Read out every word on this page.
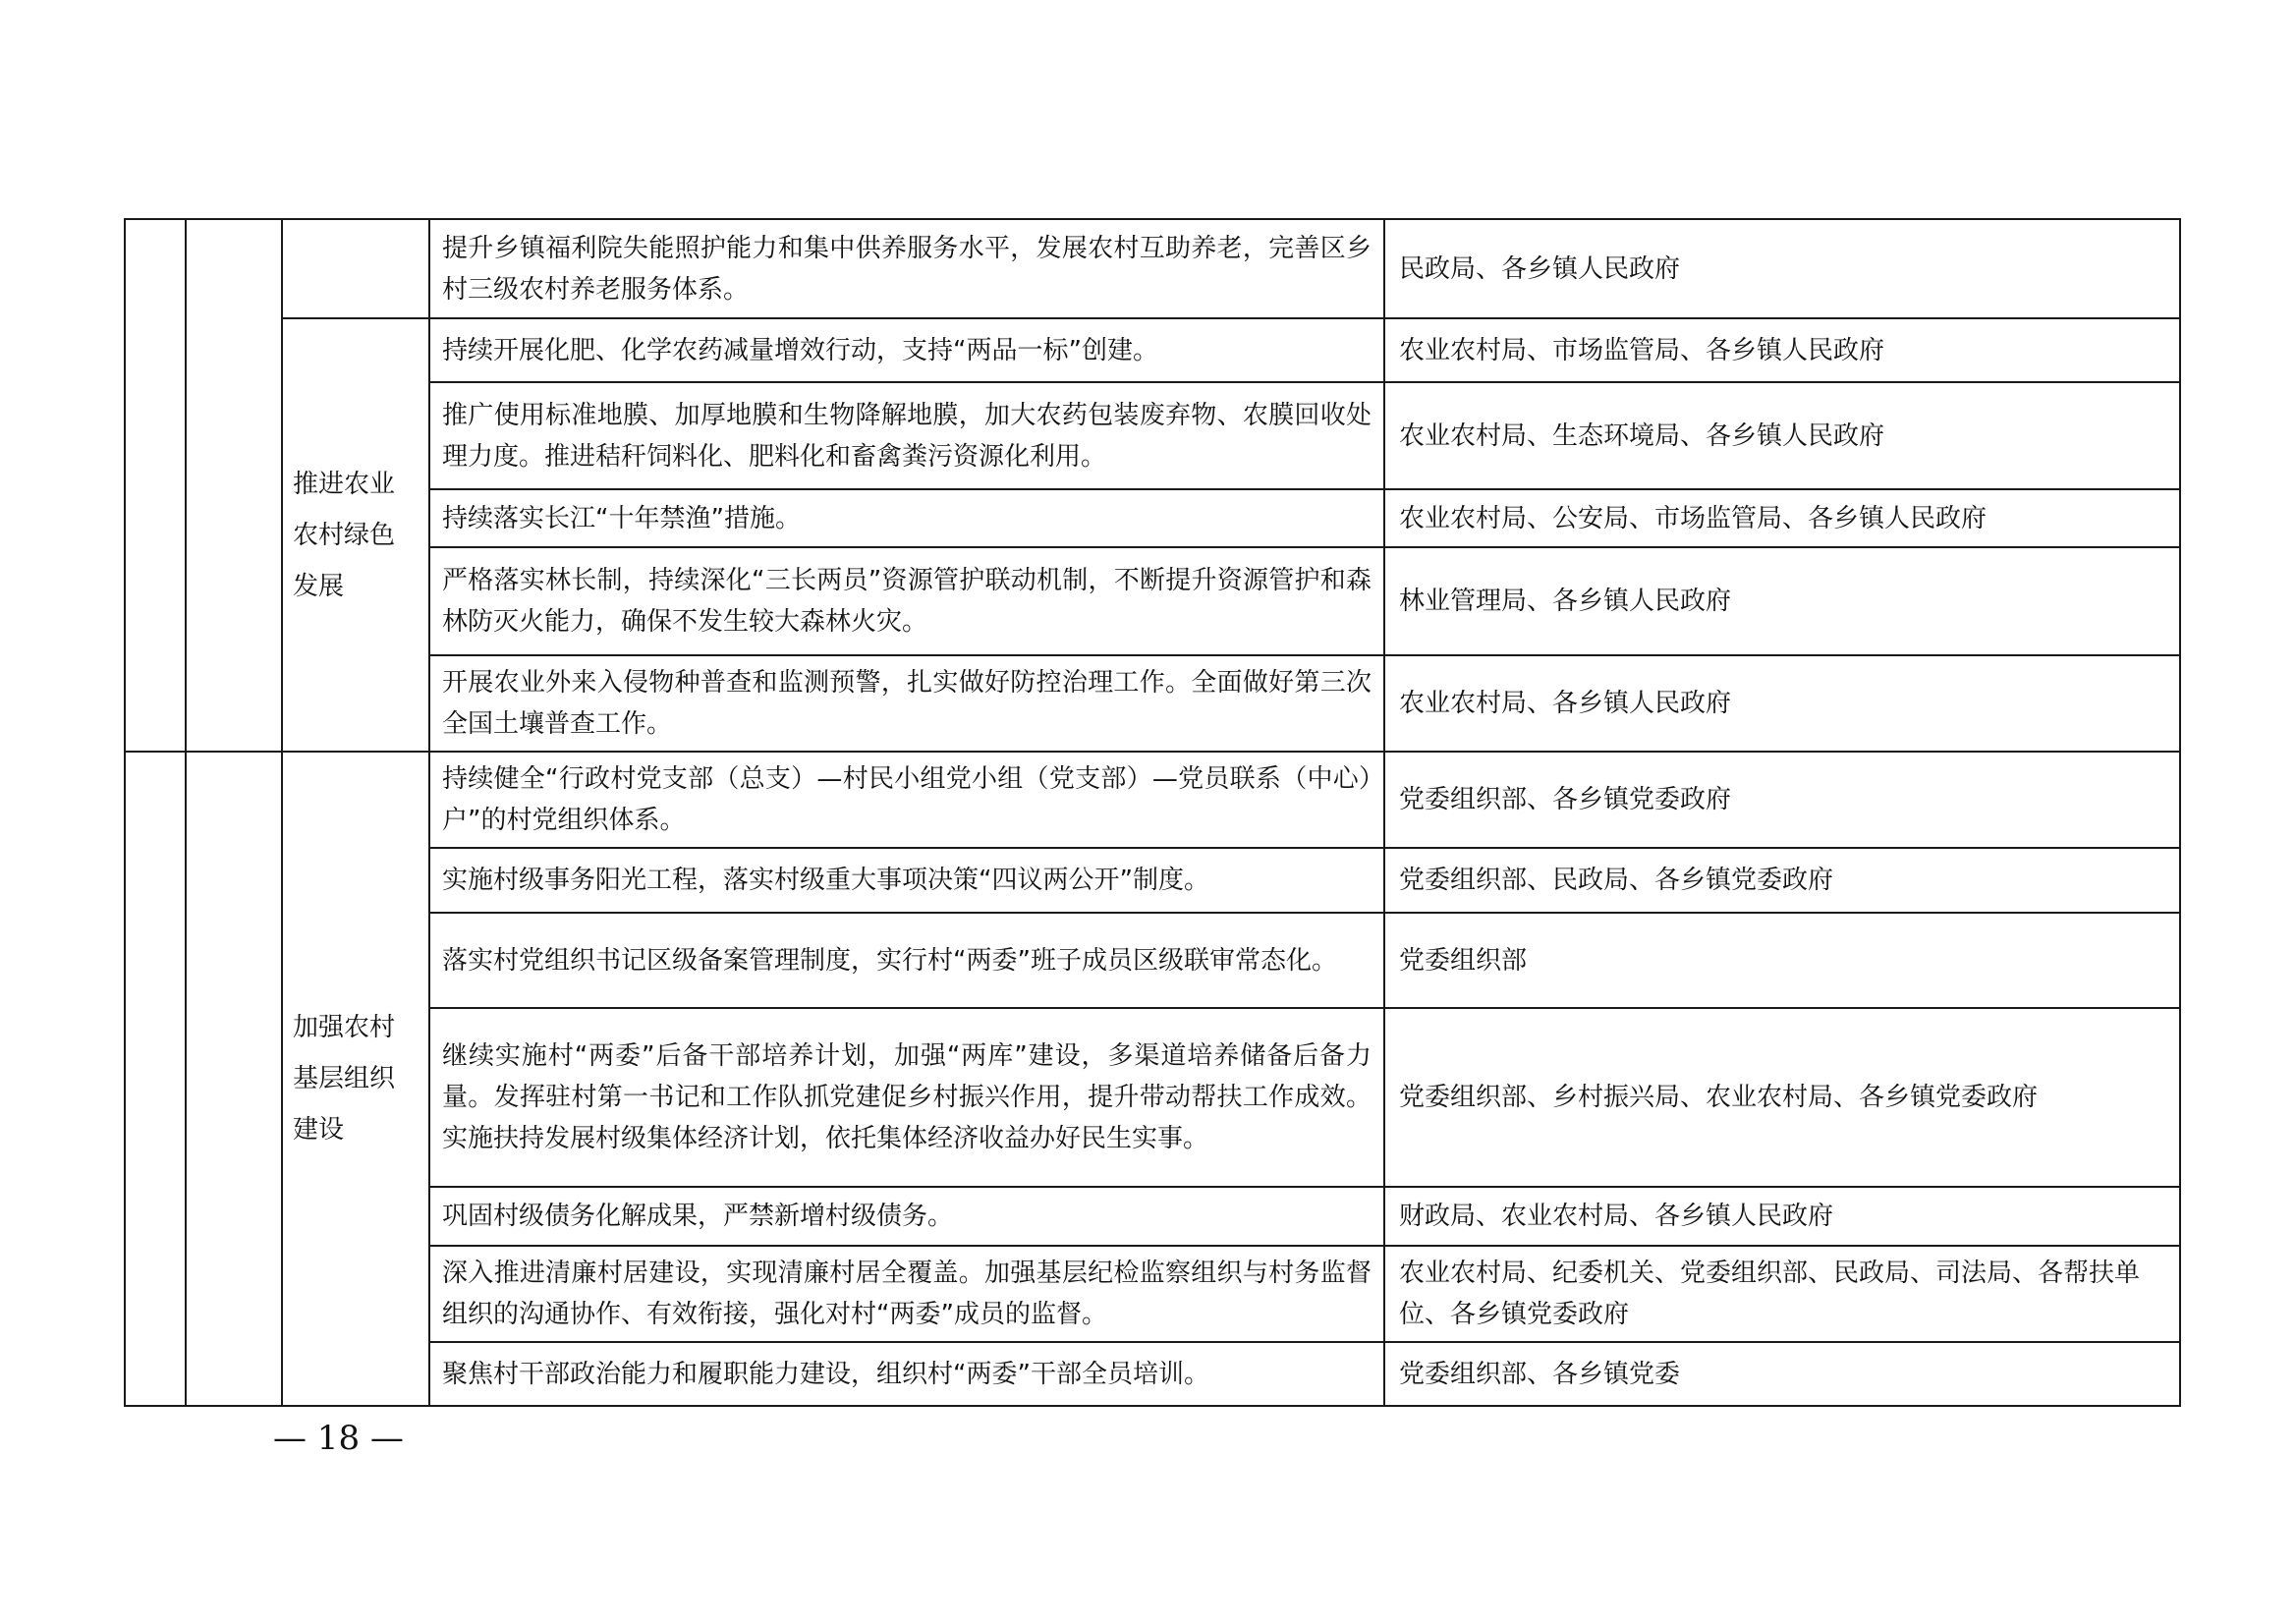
			提升乡镇福利院失能照护能力和集中供养服务水平，发展农村互助养老，完善区乡村三级农村养老服务体系。	民政局、各乡镇人民政府
		推进农业农村绿色发展	持续开展化肥、化学农药减量增效行动，支持“两品一标”创建。	农业农村局、市场监管局、各乡镇人民政府
			推广使用标准地膜、加厚地膜和生物降解地膜，加大农药包装废弃物、农膜回收处理力度。推进秸秆饲料化、肥料化和畜禽粪污资源化利用。	农业农村局、生态环境局、各乡镇人民政府
			持续落实长江“十年禁渔”措施。	农业农村局、公安局、市场监管局、各乡镇人民政府
			严格落实林长制，持续深化“三长两员”资源管护联动机制，不断提升资源管护和森林防灭火能力，确保不发生较大森林火灾。	林业管理局、各乡镇人民政府
			开展农业外来入侵物种普查和监测预警，扎实做好防控治理工作。全面做好第三次全国土壤普查工作。	农业农村局、各乡镇人民政府
		加强农村基层组织建设	持续健全“行政村党支部（总支）—村民小组党小组（党支部）—党员联系（中心）户”的村党组织体系。	党委组织部、各乡镇党委政府
			实施村级事务阳光工程，落实村级重大事项决策“四议两公开”制度。	党委组织部、民政局、各乡镇党委政府
			落实村党组织书记区级备案管理制度，实行村“两委”班子成员区级联审常态化。	党委组织部
			继续实施村“两委”后备干部培养计划，加强“两库”建设，多渠道培养储备后备力量。发挥驻村第一书记和工作队抓党建促乡村振兴作用，提升带动帮扶工作成效。实施扶持发展村级集体经济计划，依托集体经济收益办好民生实事。	党委组织部、乡村振兴局、农业农村局、各乡镇党委政府
			巩固村级债务化解成果，严禁新增村级债务。	财政局、农业农村局、各乡镇人民政府
			深入推进清廉村居建设，实现清廉村居全覆盖。加强基层纪检监察组织与村务监督组织的沟通协作、有效衔接，强化对村“两委”成员的监督。	农业农村局、纪委机关、党委组织部、民政局、司法局、各帮扶单位、各乡镇党委政府
			聚焦村干部政治能力和履职能力建设，组织村“两委”干部全员培训。	党委组织部、各乡镇党委
— 18 —
